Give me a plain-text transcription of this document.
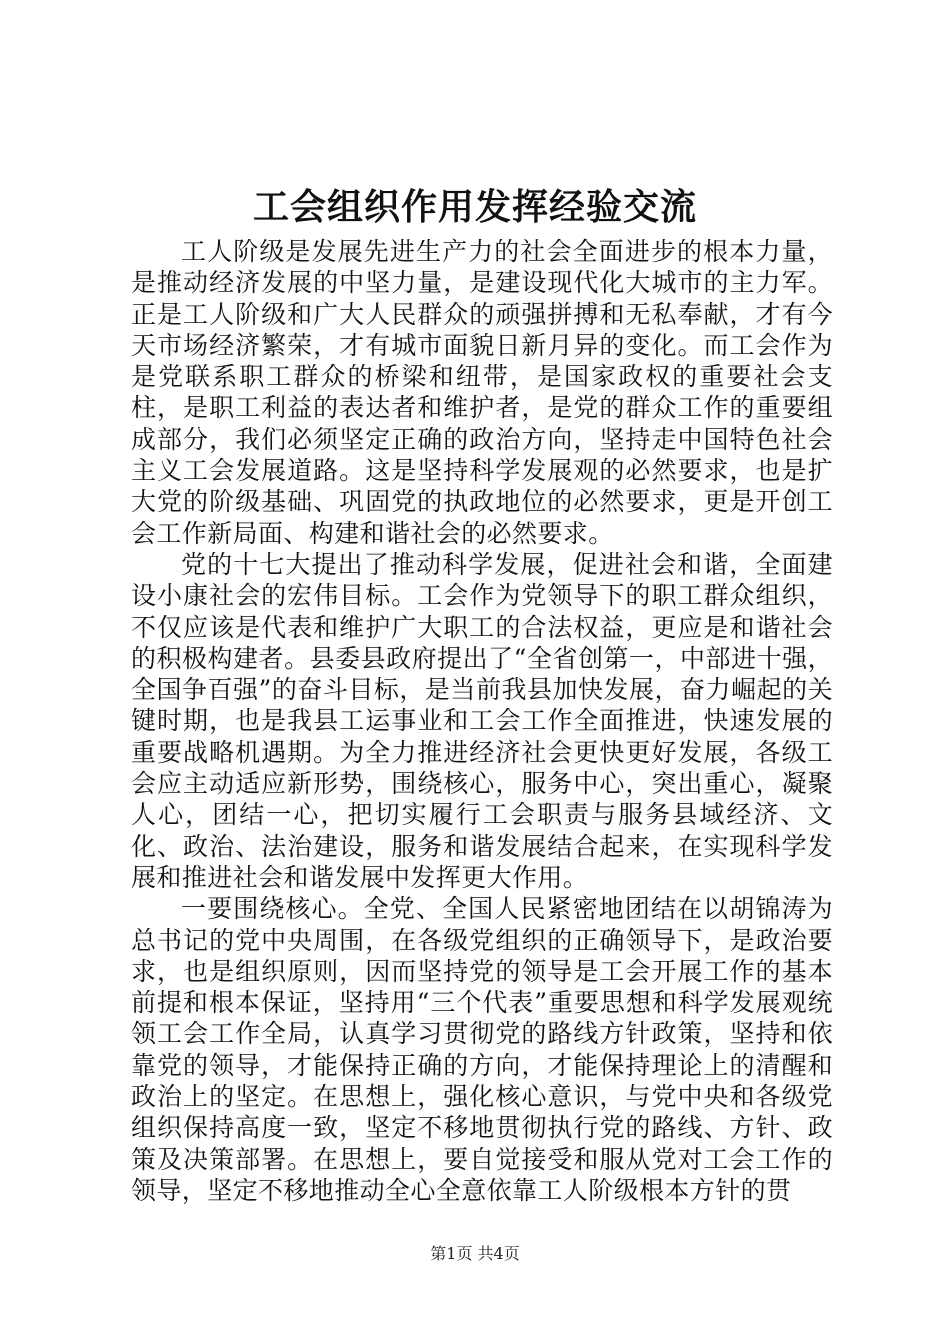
工会组织作用发挥经验交流

工人阶级是发展先进生产力的社会全面进步的根本力量，是推动经济发展的中坚力量，是建设现代化大城市的主力军。正是工人阶级和广大人民群众的顽强拼搏和无私奉献，才有今天市场经济繁荣，才有城市面貌日新月异的变化。而工会作为是党联系职工群众的桥梁和纽带，是国家政权的重要社会支柱，是职工利益的表达者和维护者，是党的群众工作的重要组成部分，我们必须坚定正确的政治方向，坚持走中国特色社会主义工会发展道路。这是坚持科学发展观的必然要求，也是扩大党的阶级基础、巩固党的执政地位的必然要求，更是开创工会工作新局面、构建和谐社会的必然要求。

党的十七大提出了推动科学发展，促进社会和谐，全面建设小康社会的宏伟目标。工会作为党领导下的职工群众组织，不仅应该是代表和维护广大职工的合法权益，更应是和谐社会的积极构建者。县委县政府提出了“全省创第一，中部进十强，全国争百强”的奋斗目标，是当前我县加快发展，奋力崛起的关键时期，也是我县工运事业和工会工作全面推进，快速发展的重要战略机遇期。为全力推进经济社会更快更好发展，各级工会应主动适应新形势，围绕核心，服务中心，突出重心，凝聚人心，团结一心，把切实履行工会职责与服务县域经济、文化、政治、法治建设，服务和谐发展结合起来，在实现科学发展和推进社会和谐发展中发挥更大作用。

一要围绕核心。全党、全国人民紧密地团结在以胡锦涛为总书记的党中央周围，在各级党组织的正确领导下，是政治要求，也是组织原则，因而坚持党的领导是工会开展工作的基本前提和根本保证，坚持用“三个代表”重要思想和科学发展观统领工会工作全局，认真学习贯彻党的路线方针政策，坚持和依靠党的领导，才能保持正确的方向，才能保持理论上的清醒和政治上的坚定。在思想上，强化核心意识，与党中央和各级党组织保持高度一致，坚定不移地贯彻执行党的路线、方针、政策及决策部署。在思想上，要自觉接受和服从党对工会工作的领导，坚定不移地推动全心全意依靠工人阶级根本方针的贯

第1页 共4页
